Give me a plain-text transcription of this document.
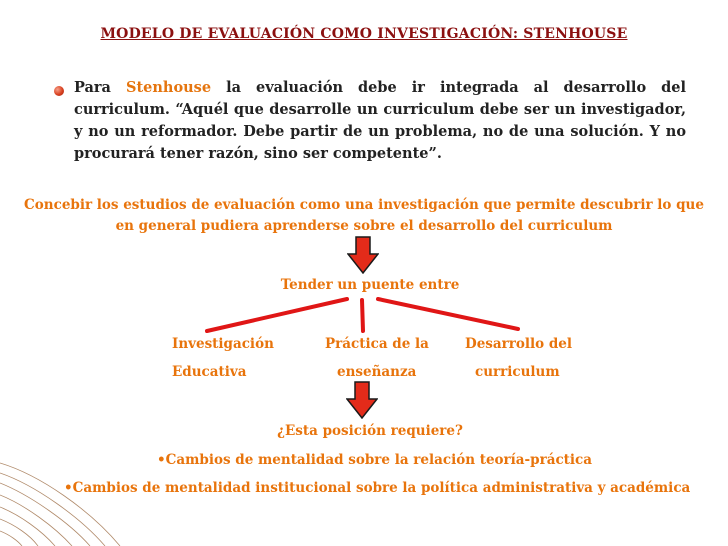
MODELO DE EVALUACIÓN COMO INVESTIGACIÓN: STENHOUSE
Para Stenhouse la evaluación debe ir integrada al desarrollo del curriculum. “Aquél que desarrolle un curriculum debe ser un investigador, y no un reformador. Debe partir de un problema, no de una solución. Y no procurará tener razón, sino ser competente”.
Concebir los estudios de evaluación como una investigación que permite descubrir lo que
en general pudiera aprenderse sobre el desarrollo del curriculum
Tender un puente entre
Investigación
Educativa
Práctica de la
enseñanza
Desarrollo del
curriculum
¿Esta posición requiere?
•Cambios de mentalidad sobre la relación teoría-práctica
•Cambios de mentalidad institucional sobre la política administrativa y académica
